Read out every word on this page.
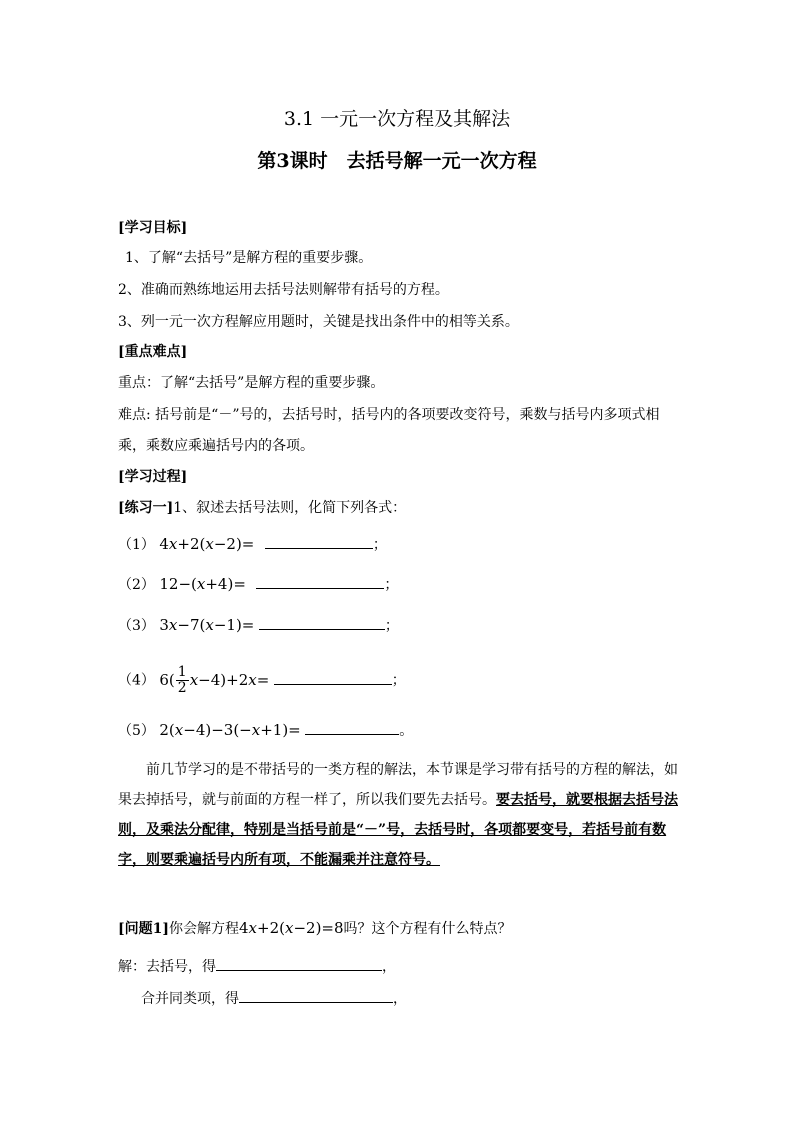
3.1 一元一次方程及其解法
第3课时　去括号解一元一次方程
[学习目标]
1、了解“去括号”是解方程的重要步骤。
2、准确而熟练地运用去括号法则解带有括号的方程。
3、列一元一次方程解应用题时，关键是找出条件中的相等关系。
[重点难点]
重点：了解“去括号”是解方程的重要步骤。
难点: 括号前是“－”号的，去括号时，括号内的各项要改变符号，乘数与括号内多项式相
乘，乘数应乘遍括号内的各项。
[学习过程]
[练习一]1、叙述去括号法则，化简下列各式：
（1） 4x+2(x−2)=	；
（2） 12−(x+4)=	；
（3） 3x−7(x−1)=	；
（4） $6( \frac{1}{2} x-4)+2x=$	；
（5） 2(x−4)−3(−x+1)=	。
前几节学习的是不带括号的一类方程的解法，本节课是学习带有括号的方程的解法，如果去掉括号，就与前面的方程一样了，所以我们要先去括号。要去括号，就要根据去括号法则，及乘法分配律，特别是当括号前是“－”号，去括号时，各项都要变号，若括号前有数字，则要乘遍括号内所有项，不能漏乘并注意符号。
[问题1]你会解方程4x+2(x−2)=8吗？这个方程有什么特点？
解：去括号，得	，
合并同类项，得	，
